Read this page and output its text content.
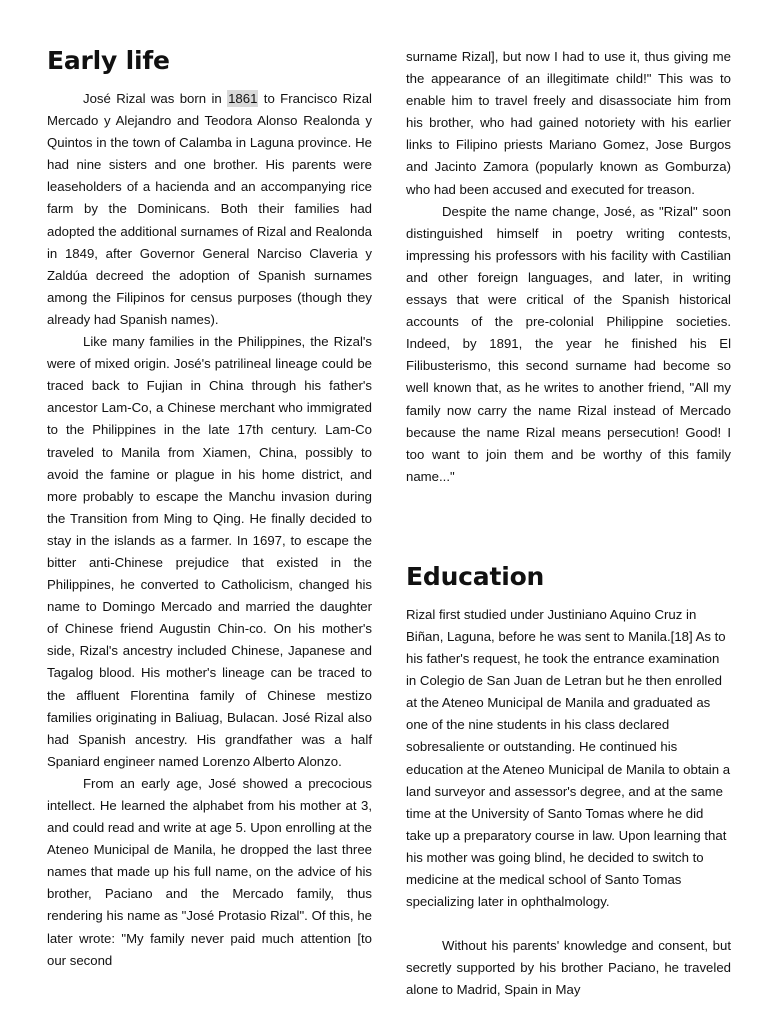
Early life

José Rizal was born in 1861 to Francisco Rizal Mercado y Alejandro and Teodora Alonso Realonda y Quintos in the town of Calamba in Laguna province. He had nine sisters and one brother. His parents were leaseholders of a hacienda and an accompanying rice farm by the Dominicans. Both their families had adopted the additional surnames of Rizal and Realonda in 1849, after Governor General Narciso Claveria y Zaldúa decreed the adoption of Spanish surnames among the Filipinos for census purposes (though they already had Spanish names).

Like many families in the Philippines, the Rizal's were of mixed origin. José's patrilineal lineage could be traced back to Fujian in China through his father's ancestor Lam-Co, a Chinese merchant who immigrated to the Philippines in the late 17th century. Lam-Co traveled to Manila from Xiamen, China, possibly to avoid the famine or plague in his home district, and more probably to escape the Manchu invasion during the Transition from Ming to Qing. He finally decided to stay in the islands as a farmer. In 1697, to escape the bitter anti-Chinese prejudice that existed in the Philippines, he converted to Catholicism, changed his name to Domingo Mercado and married the daughter of Chinese friend Augustin Chin-co. On his mother's side, Rizal's ancestry included Chinese, Japanese and Tagalog blood. His mother's lineage can be traced to the affluent Florentina family of Chinese mestizo families originating in Baliuag, Bulacan. José Rizal also had Spanish ancestry. His grandfather was a half Spaniard engineer named Lorenzo Alberto Alonzo.

From an early age, José showed a precocious intellect. He learned the alphabet from his mother at 3, and could read and write at age 5. Upon enrolling at the Ateneo Municipal de Manila, he dropped the last three names that made up his full name, on the advice of his brother, Paciano and the Mercado family, thus rendering his name as "José Protasio Rizal". Of this, he later wrote: "My family never paid much attention [to our second

surname Rizal], but now I had to use it, thus giving me the appearance of an illegitimate child!" This was to enable him to travel freely and disassociate him from his brother, who had gained notoriety with his earlier links to Filipino priests Mariano Gomez, Jose Burgos and Jacinto Zamora (popularly known as Gomburza) who had been accused and executed for treason.

Despite the name change, José, as "Rizal" soon distinguished himself in poetry writing contests, impressing his professors with his facility with Castilian and other foreign languages, and later, in writing essays that were critical of the Spanish historical accounts of the pre-colonial Philippine societies. Indeed, by 1891, the year he finished his El Filibusterismo, this second surname had become so well known that, as he writes to another friend, "All my family now carry the name Rizal instead of Mercado because the name Rizal means persecution! Good! I too want to join them and be worthy of this family name..."

Education

Rizal first studied under Justiniano Aquino Cruz in Biñan, Laguna, before he was sent to Manila.[18] As to his father's request, he took the entrance examination in Colegio de San Juan de Letran but he then enrolled at the Ateneo Municipal de Manila and graduated as one of the nine students in his class declared sobresaliente or outstanding. He continued his education at the Ateneo Municipal de Manila to obtain a land surveyor and assessor's degree, and at the same time at the University of Santo Tomas where he did take up a preparatory course in law. Upon learning that his mother was going blind, he decided to switch to medicine at the medical school of Santo Tomas specializing later in ophthalmology.

Without his parents' knowledge and consent, but secretly supported by his brother Paciano, he traveled alone to Madrid, Spain in May
